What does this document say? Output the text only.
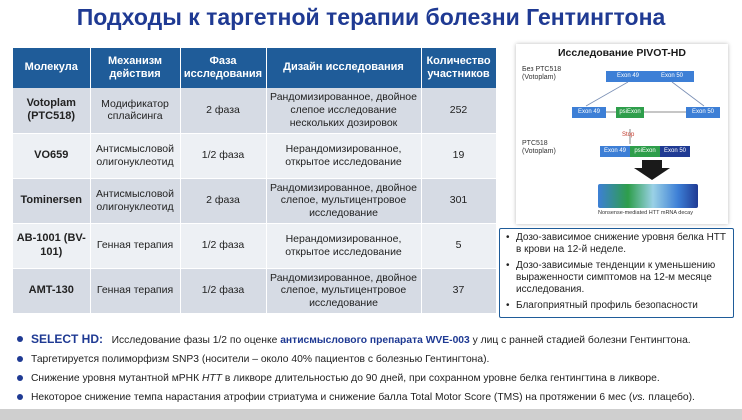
Подходы к таргетной терапии болезни Гентингтона
Молекула	Механизм действия	Фаза исследования	Дизайн исследования	Количество участников
Votoplam (PTC518)	Модификатор сплайсинга	2 фаза	Рандомизированное, двойное слепое исследование нескольких дозировок	252
VO659	Антисмысловой олигонуклеотид	1/2 фаза	Нерандомизированное, открытое исследование	19
Tominersen	Антисмысловой олигонуклеотид	2 фаза	Рандомизированное, двойное слепое, мультицентровое исследование	301
AB-1001 (BV-101)	Генная терапия	1/2 фаза	Нерандомизированное, открытое исследование	5
AMT-130	Генная терапия	1/2 фаза	Рандомизированное, двойное слепое, мультицентровое исследование	37
Исследование PIVOT-HD
Без PTC518 (Votoplam)	Exon 49	Exon 50
Exon 49	psiExon	Exon 50
Stop
PTC518 (Votoplam)	Exon 49	psiExon	Exon 50
Nonsense-mediated HTT mRNA decay
• Дозо-зависимое снижение уровня белка HTT в крови на 12-й неделе.
• Дозо-зависимые тенденции к уменьшению выраженности симптомов на 12-м месяце исследования.
• Благоприятный профиль безопасности
SELECT HD: Исследование фазы 1/2 по оценке антисмыслового препарата WVE-003 у лиц с ранней стадией болезни Гентингтона.
Таргетируется полиморфизм SNP3 (носители – около 40% пациентов с болезнью Гентингтона).
Снижение уровня мутантной мРНК HTT в ликворе длительностью до 90 дней, при сохранном уровне белка гентингтина в ликворе.
Некоторое снижение темпа нарастания атрофии стриатума и снижение балла Total Motor Score (TMS) на протяжении 6 мес (vs. плацебо).
